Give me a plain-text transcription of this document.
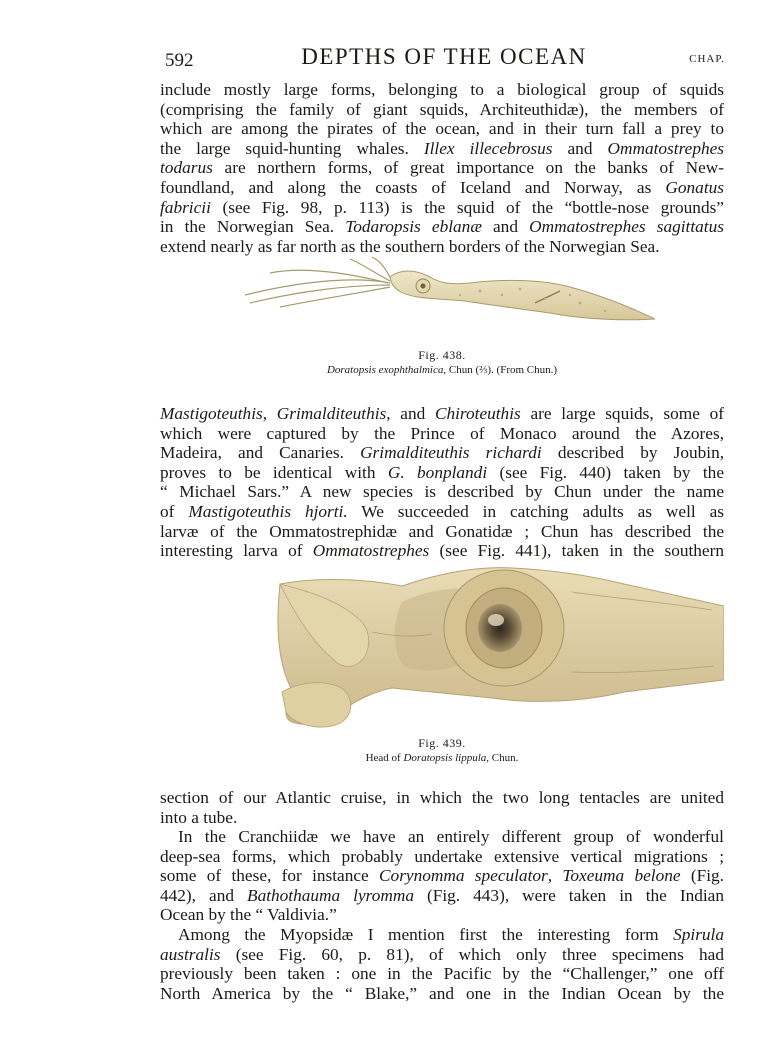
592	DEPTHS OF THE OCEAN	CHAP.

include mostly large forms, belonging to a biological group of squids
(comprising the family of giant squids, Architeuthidæ), the members of
which are among the pirates of the ocean, and in their turn fall a prey to
the large squid-hunting whales. Illex illecebrosus and Ommatostrephes
todarus are northern forms, of great importance on the banks of New-
foundland, and along the coasts of Iceland and Norway, as Gonatus
fabricii (see Fig. 98, p. 113) is the squid of the “bottle-nose grounds”
in the Norwegian Sea. Todaropsis eblanæ and Ommatostrephes sagittatus
extend nearly as far north as the southern borders of the Norwegian Sea.

Fig. 438.
Doratopsis exophthalmica, Chun (⅔). (From Chun.)

Mastigoteuthis, Grimalditeuthis, and Chiroteuthis are large squids, some of
which were captured by the Prince of Monaco around the Azores,
Madeira, and Canaries. Grimalditeuthis richardi described by Joubin,
proves to be identical with G. bonplandi (see Fig. 440) taken by the
“ Michael Sars.” A new species is described by Chun under the name
of Mastigoteuthis hjorti. We succeeded in catching adults as well as
larvæ of the Ommatostrephidæ and Gonatidæ ; Chun has described the
interesting larva of Ommatostrephes (see Fig. 441), taken in the southern

Fig. 439.
Head of Doratopsis lippula, Chun.

section of our Atlantic cruise, in which the two long tentacles are united
into a tube.

In the Cranchiidæ we have an entirely different group of wonderful
deep-sea forms, which probably undertake extensive vertical migrations ;
some of these, for instance Corynomma speculator, Toxeuma belone (Fig.
442), and Bathothauma lyromma (Fig. 443), were taken in the Indian
Ocean by the “ Valdivia.”

Among the Myopsidæ I mention first the interesting form Spirula
australis (see Fig. 60, p. 81), of which only three specimens had
previously been taken : one in the Pacific by the “Challenger,” one off
North America by the “ Blake,” and one in the Indian Ocean by the
